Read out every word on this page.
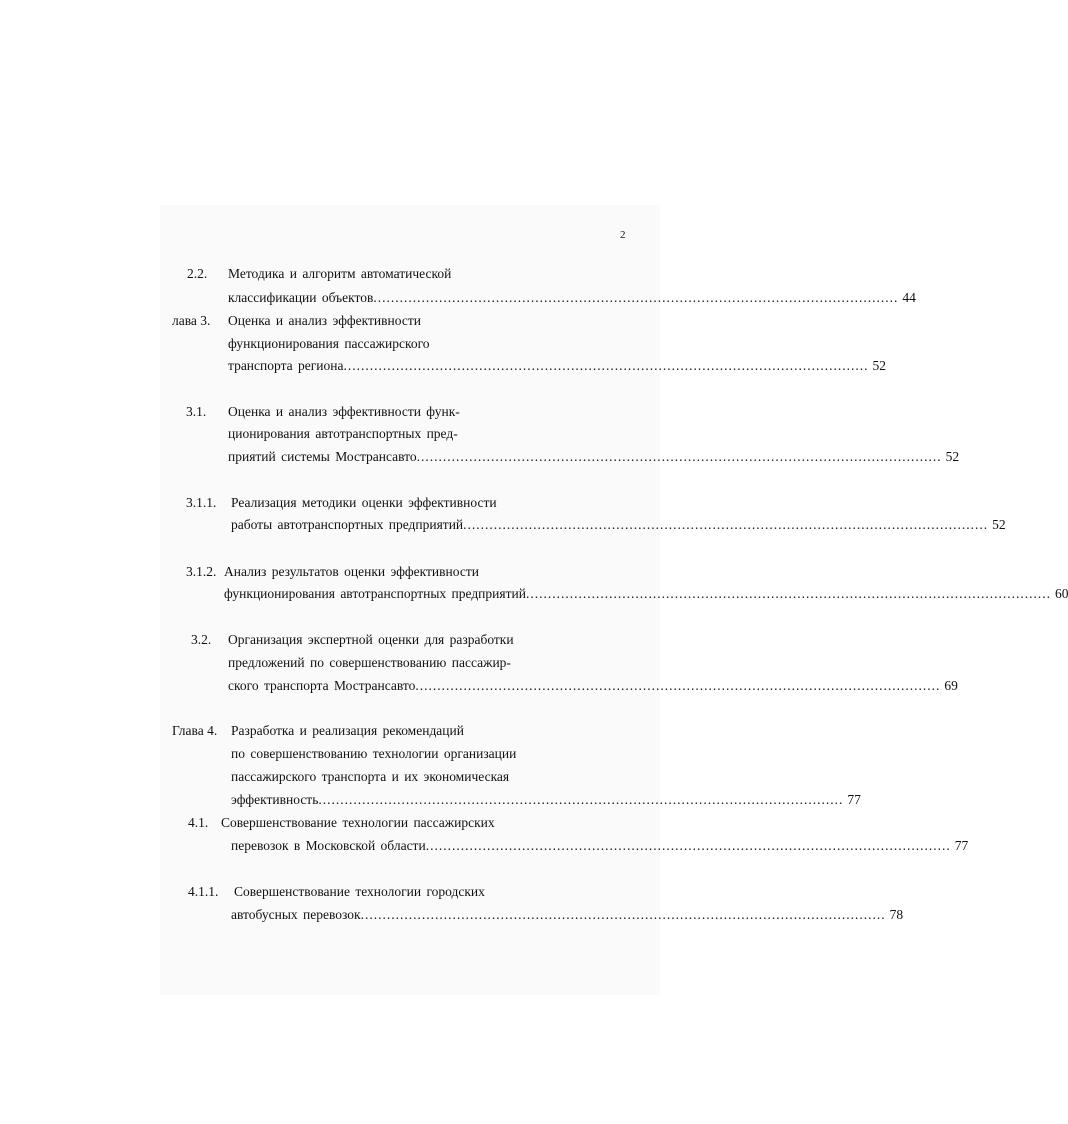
2
2.2. Методика и алгоритм автоматической
классификации объектов ........................................................................................................................ 44
лава 3. Оценка и анализ эффективности
функционирования пассажирского
транспорта региона ........................................................................................................................ 52
3.1. Оценка и анализ эффективности функ-
ционирования автотранспортных пред-
приятий системы Мострансавто ........................................................................................................................ 52
3.1.1. Реализация методики оценки эффективности
работы автотранспортных предприятий ........................................................................................................................ 52
3.1.2. Анализ результатов оценки эффективности
функционирования автотранспортных предприятий ........................................................................................................................ 60
3.2. Организация экспертной оценки для разработки
предложений по совершенствованию пассажир-
ского транспорта Мострансавто ........................................................................................................................ 69
Глава 4. Разработка и реализация рекомендаций
по совершенствованию технологии организации
пассажирского транспорта и их экономическая
эффективность ........................................................................................................................ 77
4.1. Совершенствование технологии пассажирских
перевозок в Московской области ........................................................................................................................ 77
4.1.1. Совершенствование технологии городских
автобусных перевозок ........................................................................................................................ 78
